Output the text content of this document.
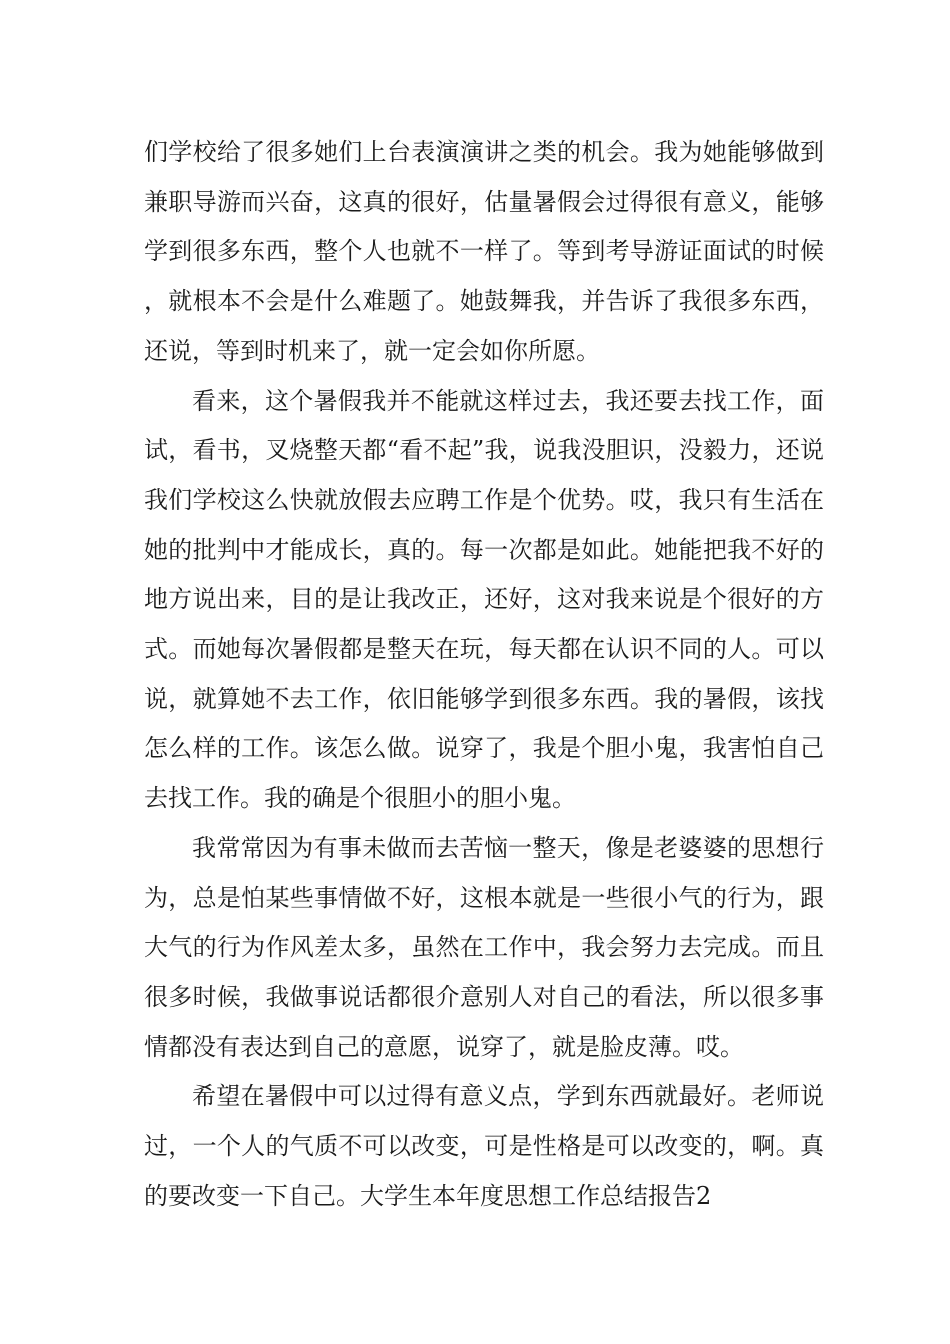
们学校给了很多她们上台表演演讲之类的机会。我为她能够做到兼职导游而兴奋，这真的很好，估量暑假会过得很有意义，能够学到很多东西，整个人也就不一样了。等到考导游证面试的时候，就根本不会是什么难题了。她鼓舞我，并告诉了我很多东西，还说，等到时机来了，就一定会如你所愿。

看来，这个暑假我并不能就这样过去，我还要去找工作，面试，看书，叉烧整天都“看不起”我，说我没胆识，没毅力，还说我们学校这么快就放假去应聘工作是个优势。哎，我只有生活在她的批判中才能成长，真的。每一次都是如此。她能把我不好的地方说出来，目的是让我改正，还好，这对我来说是个很好的方式。而她每次暑假都是整天在玩，每天都在认识不同的人。可以说，就算她不去工作，依旧能够学到很多东西。我的暑假，该找怎么样的工作。该怎么做。说穿了，我是个胆小鬼，我害怕自己去找工作。我的确是个很胆小的胆小鬼。

我常常因为有事未做而去苦恼一整天，像是老婆婆的思想行为，总是怕某些事情做不好，这根本就是一些很小气的行为，跟大气的行为作风差太多，虽然在工作中，我会努力去完成。而且很多时候，我做事说话都很介意别人对自己的看法，所以很多事情都没有表达到自己的意愿，说穿了，就是脸皮薄。哎。

希望在暑假中可以过得有意义点，学到东西就最好。老师说过，一个人的气质不可以改变，可是性格是可以改变的，啊。真的要改变一下自己。大学生本年度思想工作总结报告2
